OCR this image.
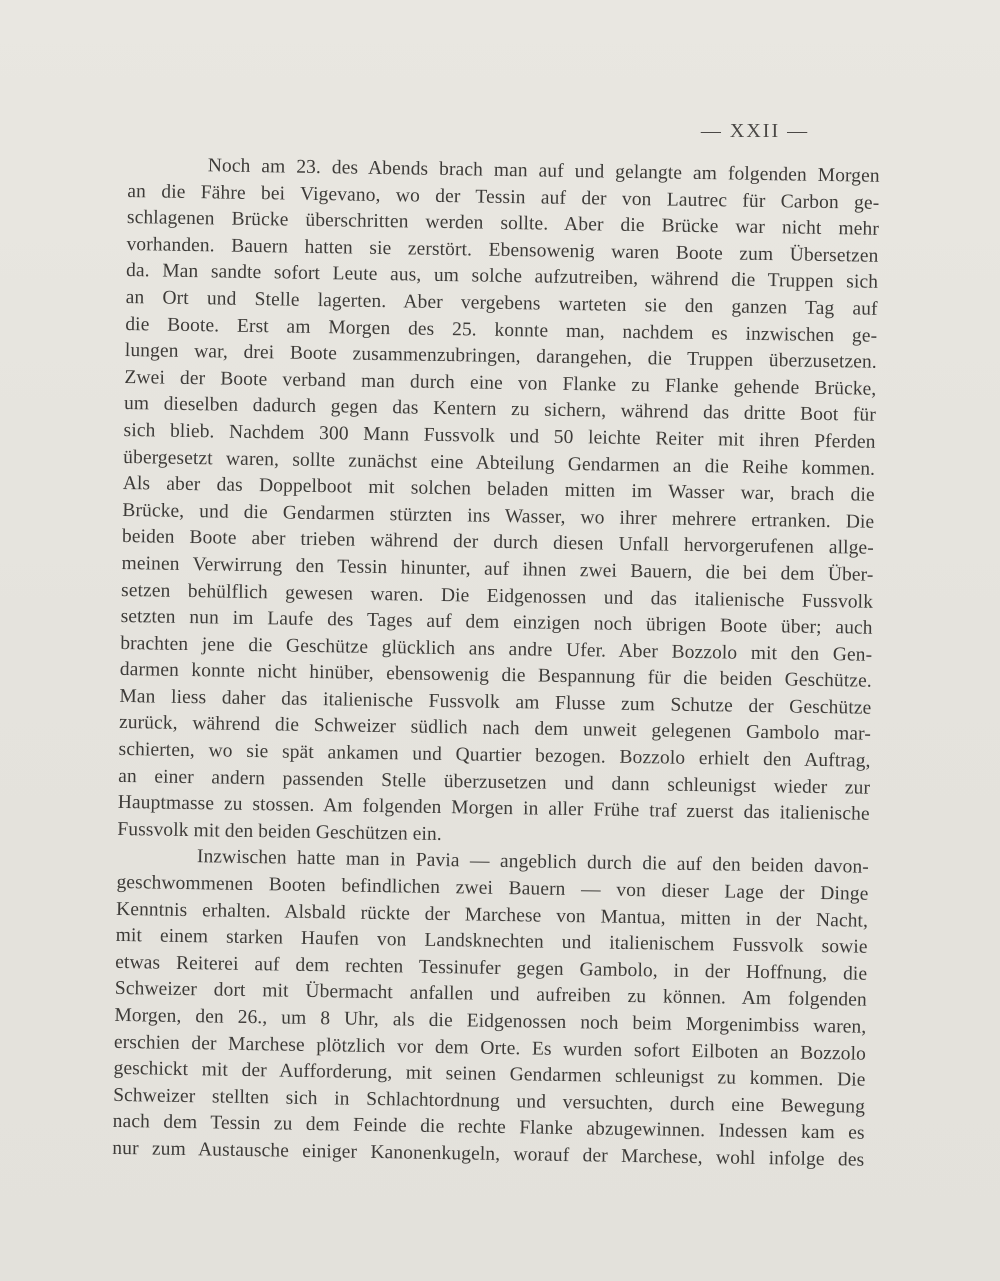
— XXII —
Noch am 23. des Abends brach man auf und gelangte am folgenden Morgen
an die Fähre bei Vigevano, wo der Tessin auf der von Lautrec für Carbon ge-
schlagenen Brücke überschritten werden sollte. Aber die Brücke war nicht mehr
vorhanden. Bauern hatten sie zerstört. Ebensowenig waren Boote zum Übersetzen
da. Man sandte sofort Leute aus, um solche aufzutreiben, während die Truppen sich
an Ort und Stelle lagerten. Aber vergebens warteten sie den ganzen Tag auf
die Boote. Erst am Morgen des 25. konnte man, nachdem es inzwischen ge-
lungen war, drei Boote zusammenzubringen, darangehen, die Truppen überzusetzen.
Zwei der Boote verband man durch eine von Flanke zu Flanke gehende Brücke,
um dieselben dadurch gegen das Kentern zu sichern, während das dritte Boot für
sich blieb. Nachdem 300 Mann Fussvolk und 50 leichte Reiter mit ihren Pferden
übergesetzt waren, sollte zunächst eine Abteilung Gendarmen an die Reihe kommen.
Als aber das Doppelboot mit solchen beladen mitten im Wasser war, brach die
Brücke, und die Gendarmen stürzten ins Wasser, wo ihrer mehrere ertranken. Die
beiden Boote aber trieben während der durch diesen Unfall hervorgerufenen allge-
meinen Verwirrung den Tessin hinunter, auf ihnen zwei Bauern, die bei dem Über-
setzen behülflich gewesen waren. Die Eidgenossen und das italienische Fussvolk
setzten nun im Laufe des Tages auf dem einzigen noch übrigen Boote über; auch
brachten jene die Geschütze glücklich ans andre Ufer. Aber Bozzolo mit den Gen-
darmen konnte nicht hinüber, ebensowenig die Bespannung für die beiden Geschütze.
Man liess daher das italienische Fussvolk am Flusse zum Schutze der Geschütze
zurück, während die Schweizer südlich nach dem unweit gelegenen Gambolo mar-
schierten, wo sie spät ankamen und Quartier bezogen. Bozzolo erhielt den Auftrag,
an einer andern passenden Stelle überzusetzen und dann schleunigst wieder zur
Hauptmasse zu stossen. Am folgenden Morgen in aller Frühe traf zuerst das italienische
Fussvolk mit den beiden Geschützen ein.
Inzwischen hatte man in Pavia — angeblich durch die auf den beiden davon-
geschwommenen Booten befindlichen zwei Bauern — von dieser Lage der Dinge
Kenntnis erhalten. Alsbald rückte der Marchese von Mantua, mitten in der Nacht,
mit einem starken Haufen von Landsknechten und italienischem Fussvolk sowie
etwas Reiterei auf dem rechten Tessinufer gegen Gambolo, in der Hoffnung, die
Schweizer dort mit Übermacht anfallen und aufreiben zu können. Am folgenden
Morgen, den 26., um 8 Uhr, als die Eidgenossen noch beim Morgenimbiss waren,
erschien der Marchese plötzlich vor dem Orte. Es wurden sofort Eilboten an Bozzolo
geschickt mit der Aufforderung, mit seinen Gendarmen schleunigst zu kommen. Die
Schweizer stellten sich in Schlachtordnung und versuchten, durch eine Bewegung
nach dem Tessin zu dem Feinde die rechte Flanke abzugewinnen. Indessen kam es
nur zum Austausche einiger Kanonenkugeln, worauf der Marchese, wohl infolge des
